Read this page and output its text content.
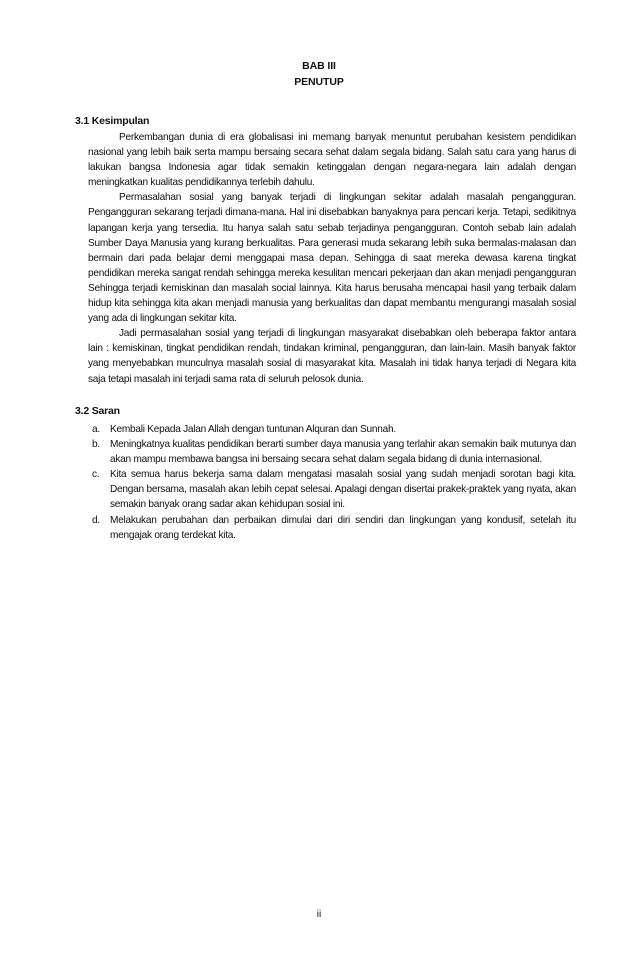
BAB III
PENUTUP
3.1 Kesimpulan

Perkembangan dunia di era globalisasi ini memang banyak menuntut perubahan kesistem pendidikan nasional yang lebih baik serta mampu bersaing secara sehat dalam segala bidang. Salah satu cara yang harus di lakukan bangsa Indonesia agar tidak semakin ketinggalan dengan negara-negara lain adalah dengan meningkatkan kualitas pendidikannya terlebih dahulu.

Permasalahan sosial yang banyak terjadi di lingkungan sekitar adalah masalah pengangguran. Pengangguran sekarang terjadi dimana-mana. Hal ini disebabkan banyaknya para pencari kerja. Tetapi, sedikitnya lapangan kerja yang tersedia. Itu hanya salah satu sebab terjadinya pengangguran. Contoh sebab lain adalah Sumber Daya Manusia yang kurang berkualitas. Para generasi muda sekarang lebih suka bermalas-malasan dan bermain dari pada belajar demi menggapai masa depan. Sehingga di saat mereka dewasa karena tingkat pendidikan mereka sangat rendah sehingga mereka kesulitan mencari pekerjaan dan akan menjadi pengangguran Sehingga terjadi kemiskinan dan masalah social lainnya. Kita harus berusaha mencapai hasil yang terbaik dalam hidup kita sehingga kita akan menjadi manusia yang berkualitas dan dapat membantu mengurangi masalah sosial yang ada di lingkungan sekitar kita.

Jadi permasalahan sosial yang terjadi di lingkungan masyarakat disebabkan oleh beberapa faktor antara lain : kemiskinan, tingkat pendidikan rendah, tindakan kriminal, pengangguran, dan lain-lain. Masih banyak faktor yang menyebabkan munculnya masalah sosial di masyarakat kita. Masalah ini tidak hanya terjadi di Negara kita saja tetapi masalah ini terjadi sama rata di seluruh pelosok dunia.

3.2 Saran
a. Kembali Kepada Jalan Allah dengan tuntunan Alquran dan Sunnah.
b. Meningkatnya kualitas pendidikan berarti sumber daya manusia yang terlahir akan semakin baik mutunya dan akan mampu membawa bangsa ini bersaing secara sehat dalam segala bidang di dunia internasional.
c. Kita semua harus bekerja sama dalam mengatasi masalah sosial yang sudah menjadi sorotan bagi kita. Dengan bersama, masalah akan lebih cepat selesai. Apalagi dengan disertai prakek-praktek yang nyata, akan semakin banyak orang sadar akan kehidupan sosial ini.
d. Melakukan perubahan dan perbaikan dimulai dari diri sendiri dan lingkungan yang kondusif, setelah itu mengajak orang terdekat kita.
ii
